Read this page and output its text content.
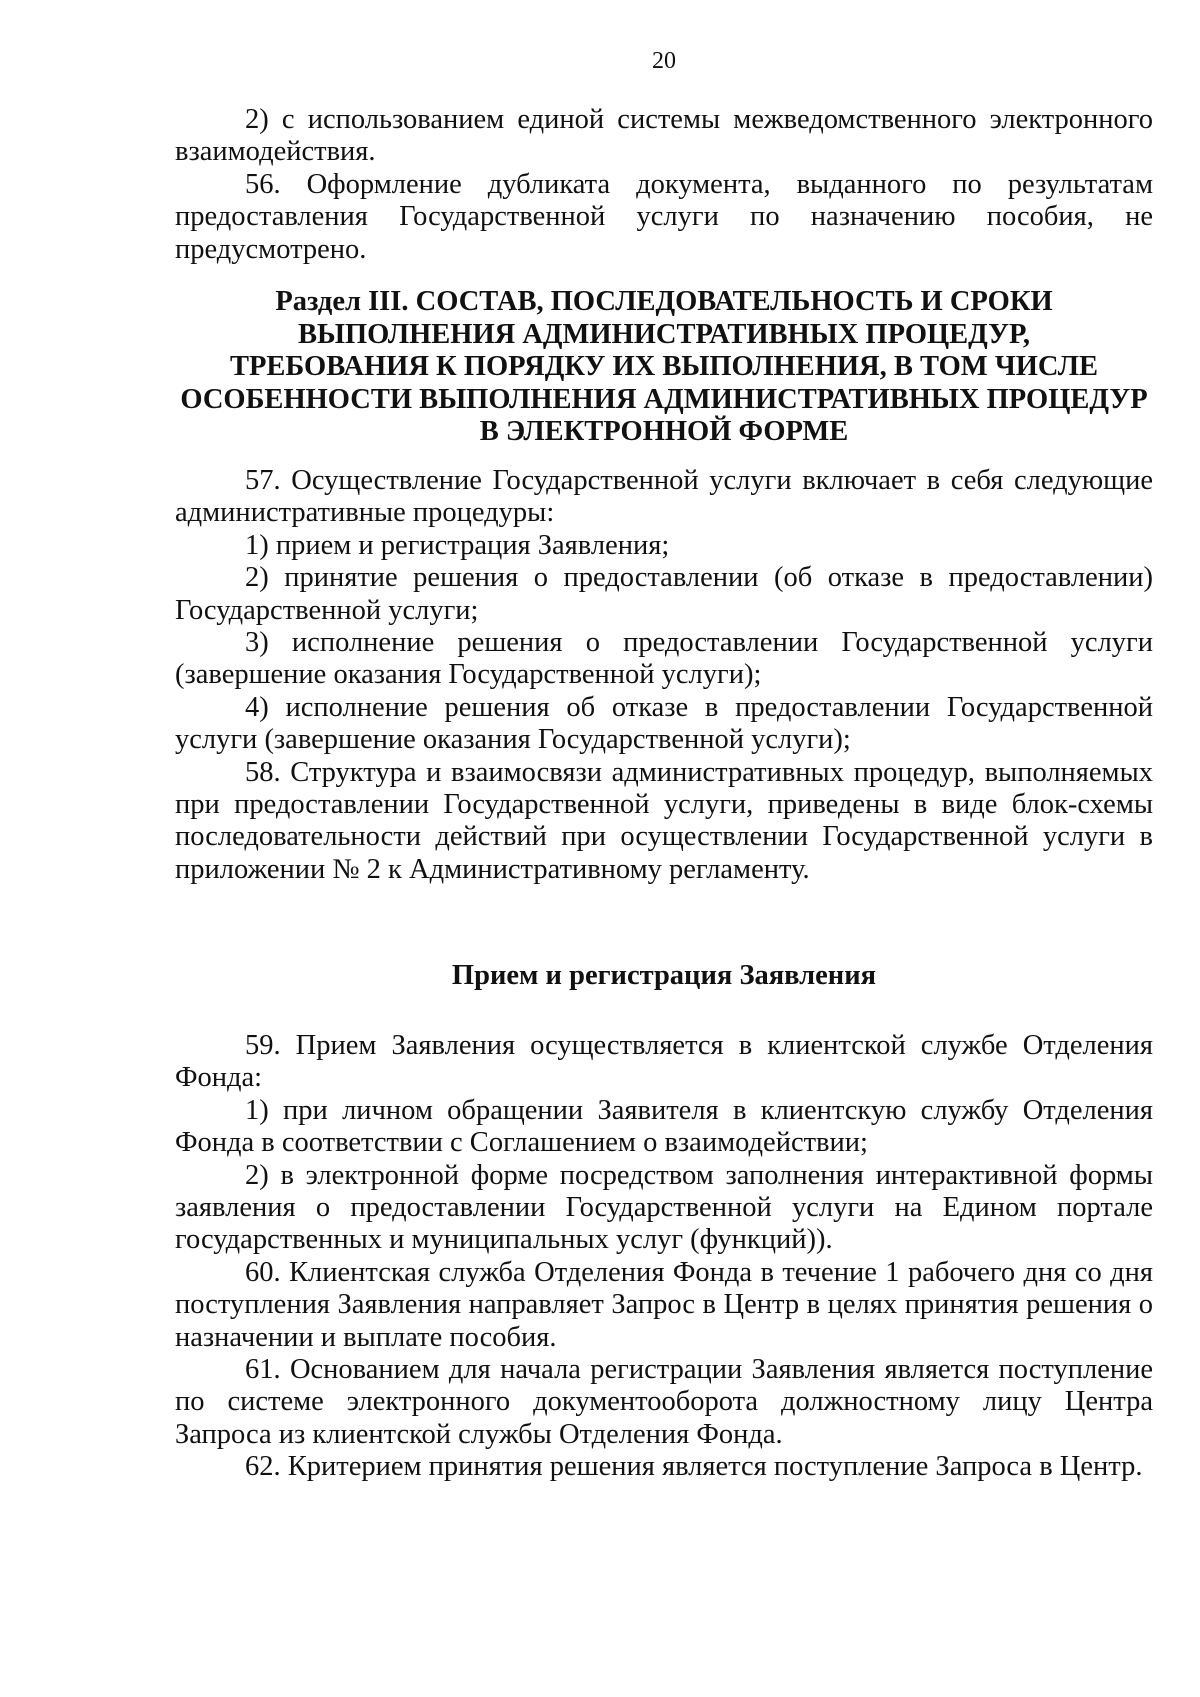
20

2) с использованием единой системы межведомственного электронного взаимодействия.

56. Оформление дубликата документа, выданного по результатам предоставления Государственной услуги по назначению пособия, не предусмотрено.

Раздел III. СОСТАВ, ПОСЛЕДОВАТЕЛЬНОСТЬ И СРОКИ
ВЫПОЛНЕНИЯ АДМИНИСТРАТИВНЫХ ПРОЦЕДУР,
ТРЕБОВАНИЯ К ПОРЯДКУ ИХ ВЫПОЛНЕНИЯ, В ТОМ ЧИСЛЕ
ОСОБЕННОСТИ ВЫПОЛНЕНИЯ АДМИНИСТРАТИВНЫХ ПРОЦЕДУР
В ЭЛЕКТРОННОЙ ФОРМЕ

57. Осуществление Государственной услуги включает в себя следующие административные процедуры:

1) прием и регистрация Заявления;

2) принятие решения о предоставлении (об отказе в предоставлении) Государственной услуги;

3) исполнение решения о предоставлении Государственной услуги (завершение оказания Государственной услуги);

4) исполнение решения об отказе в предоставлении Государственной услуги (завершение оказания Государственной услуги);

58. Структура и взаимосвязи административных процедур, выполняемых при предоставлении Государственной услуги, приведены в виде блок-схемы последовательности действий при осуществлении Государственной услуги в приложении № 2 к Административному регламенту.

Прием и регистрация Заявления

59. Прием Заявления осуществляется в клиентской службе Отделения Фонда:

1) при личном обращении Заявителя в клиентскую службу Отделения Фонда в соответствии с Соглашением о взаимодействии;

2) в электронной форме посредством заполнения интерактивной формы заявления о предоставлении Государственной услуги на Едином портале государственных и муниципальных услуг (функций)).

60. Клиентская служба Отделения Фонда в течение 1 рабочего дня со дня поступления Заявления направляет Запрос в Центр в целях принятия решения о назначении и выплате пособия.

61. Основанием для начала регистрации Заявления является поступление по системе электронного документооборота должностному лицу Центра Запроса из клиентской службы Отделения Фонда.

62. Критерием принятия решения является поступление Запроса в Центр.
